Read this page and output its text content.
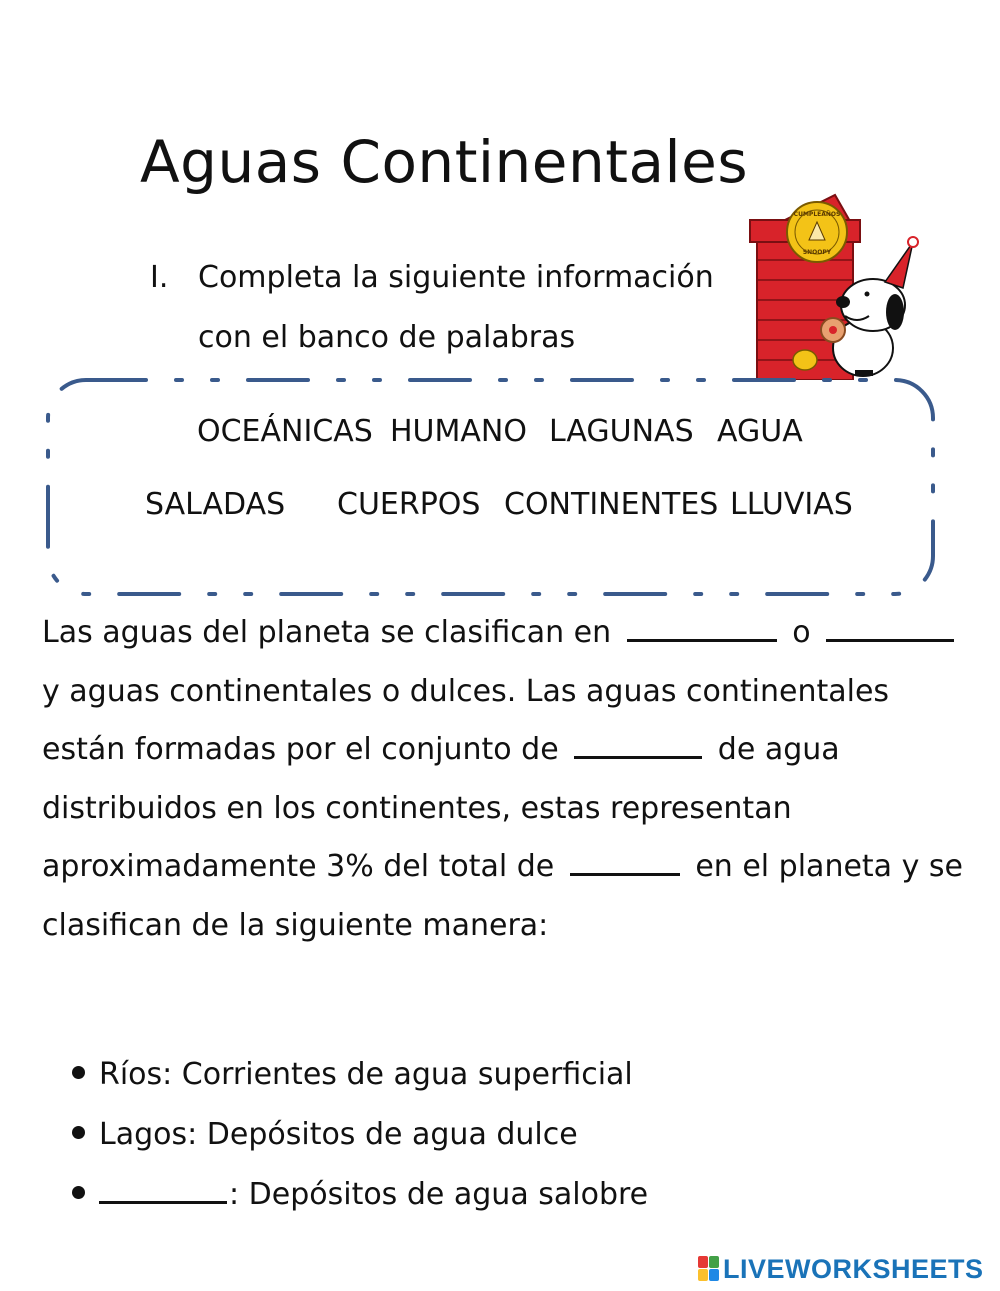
Aguas Continentales
I. Completa la siguiente información
con el banco de palabras
CUMPLEAÑOS
SNOOPY
OCEÁNICAS HUMANO LAGUNAS AGUA
SALADAS CUERPOS CONTINENTES LLUVIAS
Las aguas del planeta se clasifican en	o
y aguas continentales o dulces. Las aguas continentales
están formadas por el conjunto de	de agua
distribuidos en los continentes, estas representan
aproximadamente 3% del total de	en el planeta y se
clasifican de la siguiente manera:
Ríos: Corrientes de agua superficial
Lagos: Depósitos de agua dulce
: Depósitos de agua salobre
LIVEWORKSHEETS
